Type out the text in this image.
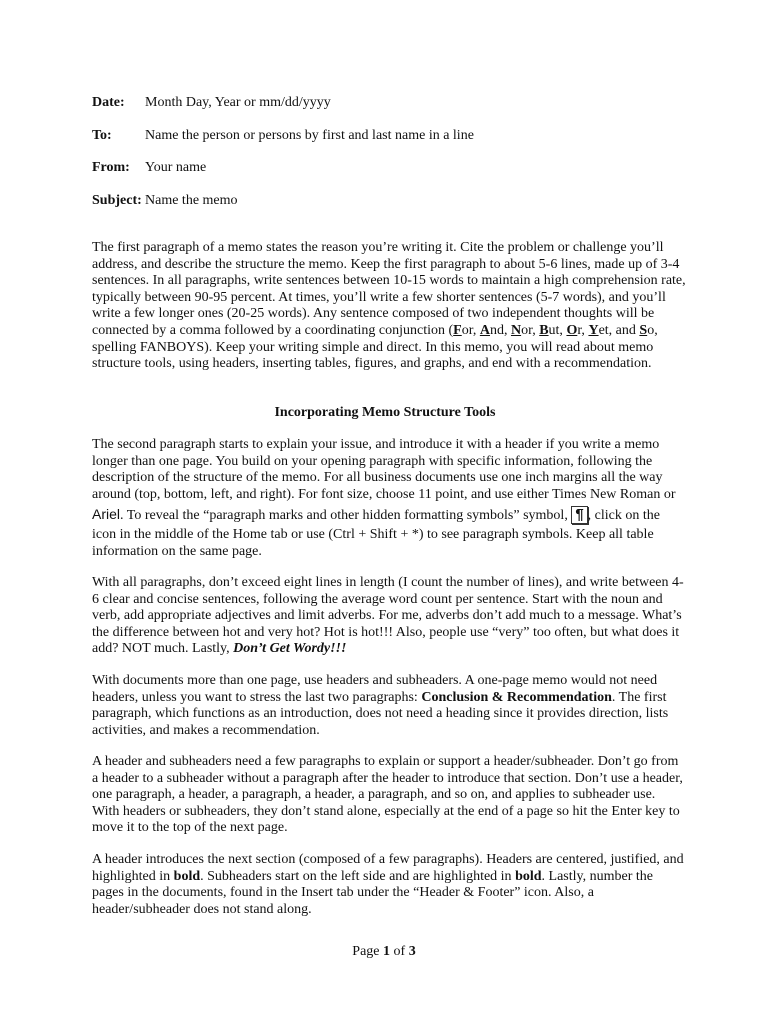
Date: Month Day, Year or mm/dd/yyyy
To: Name the person or persons by first and last name in a line
From: Your name
Subject: Name the memo
The first paragraph of a memo states the reason you’re writing it. Cite the problem or challenge you’ll
address, and describe the structure the memo. Keep the first paragraph to about 5-6 lines, made up of 3-4
sentences. In all paragraphs, write sentences between 10-15 words to maintain a high comprehension rate,
typically between 90-95 percent. At times, you’ll write a few shorter sentences (5-7 words), and you’ll
write a few longer ones (20-25 words). Any sentence composed of two independent thoughts will be
connected by a comma followed by a coordinating conjunction (For, And, Nor, But, Or, Yet, and So,
spelling FANBOYS). Keep your writing simple and direct. In this memo, you will read about memo
structure tools, using headers, inserting tables, figures, and graphs, and end with a recommendation.
Incorporating Memo Structure Tools
The second paragraph starts to explain your issue, and introduce it with a header if you write a memo
longer than one page. You build on your opening paragraph with specific information, following the
description of the structure of the memo. For all business documents use one inch margins all the way
around (top, bottom, left, and right). For font size, choose 11 point, and use either Times New Roman or
Ariel. To reveal the “paragraph marks and other hidden formatting symbols” symbol, ¶ , click on the
icon in the middle of the Home tab or use (Ctrl + Shift + *) to see paragraph symbols. Keep all table
information on the same page.
With all paragraphs, don’t exceed eight lines in length (I count the number of lines), and write between 4-
6 clear and concise sentences, following the average word count per sentence. Start with the noun and
verb, add appropriate adjectives and limit adverbs. For me, adverbs don’t add much to a message. What’s
the difference between hot and very hot? Hot is hot!!! Also, people use “very” too often, but what does it
add? NOT much. Lastly, Don’t Get Wordy!!!
With documents more than one page, use headers and subheaders. A one-page memo would not need
headers, unless you want to stress the last two paragraphs: Conclusion & Recommendation. The first
paragraph, which functions as an introduction, does not need a heading since it provides direction, lists
activities, and makes a recommendation.
A header and subheaders need a few paragraphs to explain or support a header/subheader. Don’t go from
a header to a subheader without a paragraph after the header to introduce that section. Don’t use a header,
one paragraph, a header, a paragraph, a header, a paragraph, and so on, and applies to subheader use.
With headers or subheaders, they don’t stand alone, especially at the end of a page so hit the Enter key to
move it to the top of the next page.
A header introduces the next section (composed of a few paragraphs). Headers are centered, justified, and
highlighted in bold. Subheaders start on the left side and are highlighted in bold. Lastly, number the
pages in the documents, found in the Insert tab under the “Header & Footer” icon. Also, a
header/subheader does not stand along.
Page 1 of 3
